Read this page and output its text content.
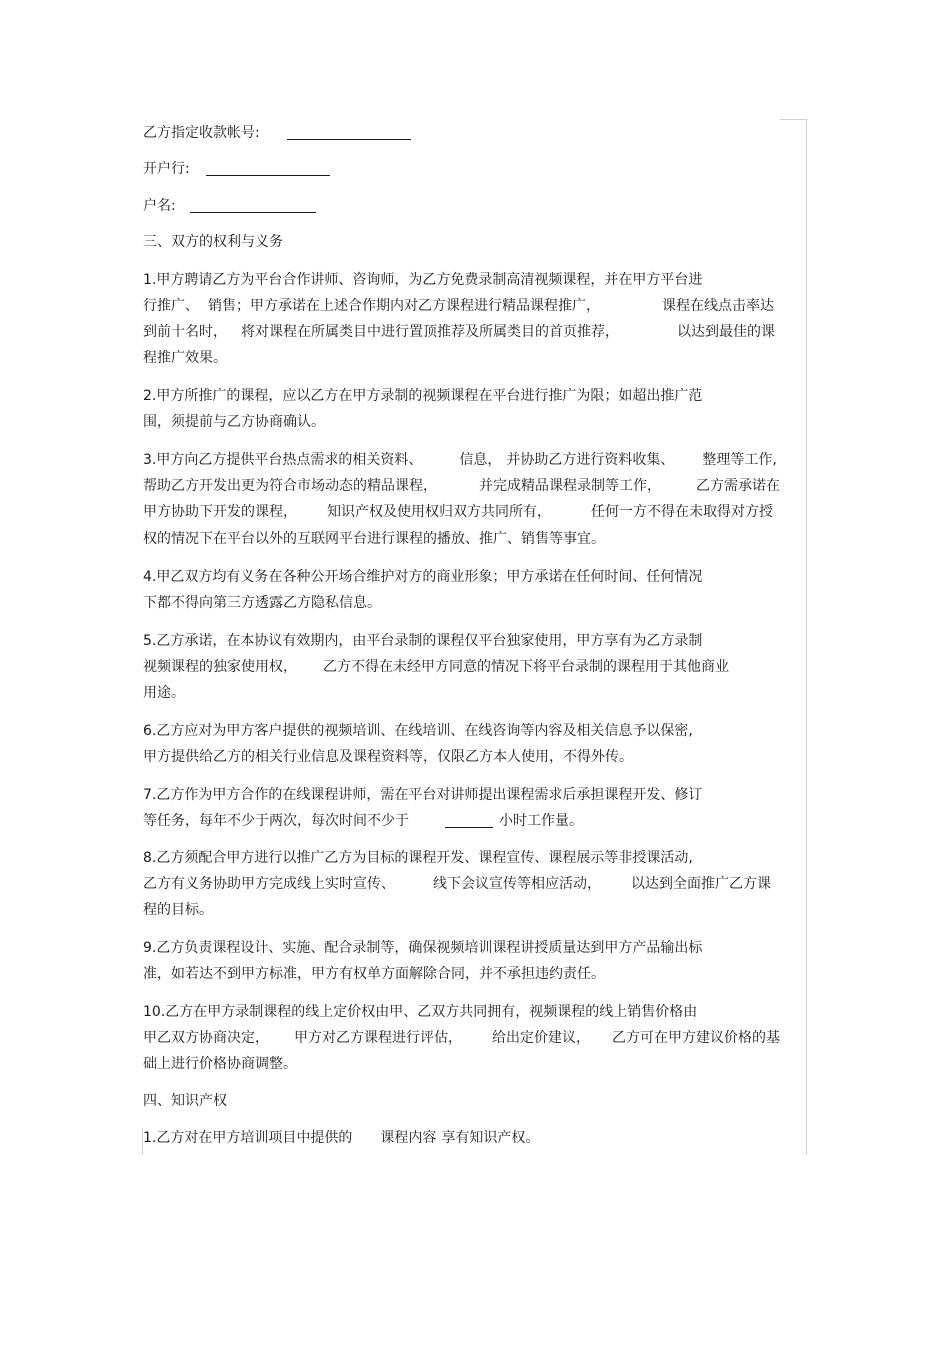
乙方指定收款帐号:
开户行:
户名:
三、双方的权利与义务
1.甲方聘请乙方为平台合作讲师、咨询师，为乙方免费录制高清视频课程，并在甲方平台进
行推广、 销售；甲方承诺在上述合作期内对乙方课程进行精品课程推广，	课程在线点击率达
到前十名时， 将对课程在所属类目中进行置顶推荐及所属类目的首页推荐，	以达到最佳的课
程推广效果。
2.甲方所推广的课程，应以乙方在甲方录制的视频课程在平台进行推广为限；如超出推广范
围，须提前与乙方协商确认。
3.甲方向乙方提供平台热点需求的相关资料、	信息， 并协助乙方进行资料收集、 整理等工作,
帮助乙方开发出更为符合市场动态的精品课程，	并完成精品课程录制等工作，	乙方需承诺在
甲方协助下开发的课程， 知识产权及使用权归双方共同所有，	任何一方不得在未取得对方授
权的情况下在平台以外的互联网平台进行课程的播放、推广、销售等事宜。
4.甲乙双方均有义务在各种公开场合维护对方的商业形象；甲方承诺在任何时间、任何情况
下都不得向第三方透露乙方隐私信息。
5.乙方承诺，在本协议有效期内，由平台录制的课程仅平台独家使用，甲方享有为乙方录制
视频课程的独家使用权， 乙方不得在未经甲方同意的情况下将平台录制的课程用于其他商业
用途。
6.乙方应对为甲方客户提供的视频培训、在线培训、在线咨询等内容及相关信息予以保密,
甲方提供给乙方的相关行业信息及课程资料等，仅限乙方本人使用，不得外传。
7.乙方作为甲方合作的在线课程讲师，需在平台对讲师提出课程需求后承担课程开发、修订
等任务，每年不少于两次，每次时间不少于	小时工作量。
8.乙方须配合甲方进行以推广乙方为目标的课程开发、课程宣传、课程展示等非授课活动,
乙方有义务协助甲方完成线上实时宣传、	线下会议宣传等相应活动， 以达到全面推广乙方课
程的目标。
9.乙方负责课程设计、实施、配合录制等，确保视频培训课程讲授质量达到甲方产品输出标
准，如若达不到甲方标准，甲方有权单方面解除合同，并不承担违约责任。
10.乙方在甲方录制课程的线上定价权由甲、乙双方共同拥有，视频课程的线上销售价格由
甲乙双方协商决定， 甲方对乙方课程进行评估， 给出定价建议， 乙方可在甲方建议价格的基
础上进行价格协商调整。
四、知识产权
1.乙方对在甲方培训项目中提供的 课程内容 享有知识产权。
